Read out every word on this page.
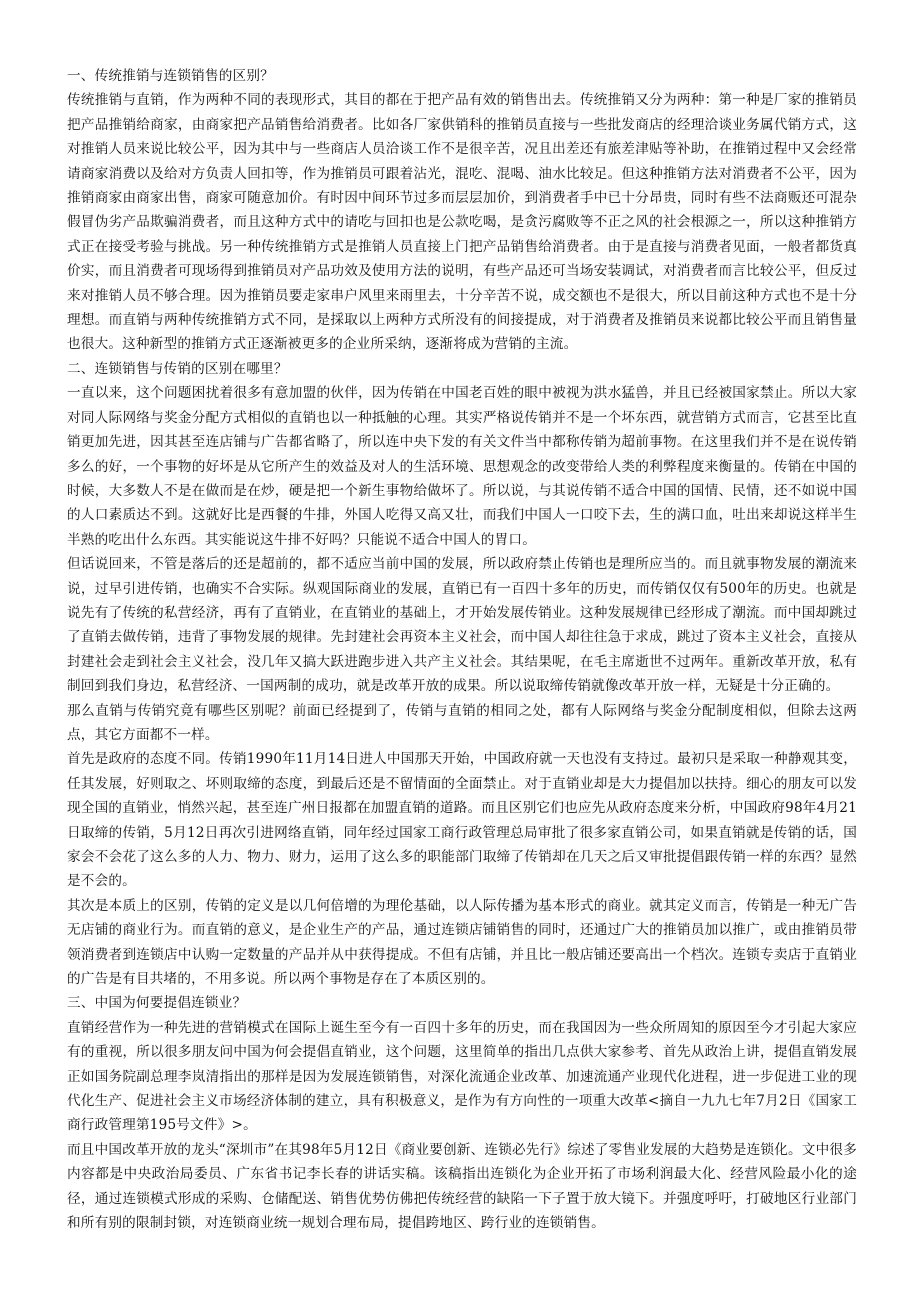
一、传统推销与连锁销售的区别？

传统推销与直销，作为两种不同的表现形式，其目的都在于把产品有效的销售出去。传统推销又分为两种：第一种是厂家的推销员把产品推销给商家，由商家把产品销售给消费者。比如各厂家供销科的推销员直接与一些批发商店的经理洽谈业务属代销方式，这对推销人员来说比较公平，因为其中与一些商店人员洽谈工作不是很辛苦，况且出差还有旅差津贴等补助，在推销过程中又会经常请商家消费以及给对方负责人回扣等，作为推销员可跟着沾光，混吃、混喝、油水比较足。但这种推销方法对消费者不公平，因为推销商家由商家出售，商家可随意加价。有时因中间环节过多而层层加价，到消费者手中已十分昂贵，同时有些不法商贩还可混杂假冒伪劣产品欺骗消费者，而且这种方式中的请吃与回扣也是公款吃喝，是贪污腐败等不正之风的社会根源之一，所以这种推销方式正在接受考验与挑战。另一种传统推销方式是推销人员直接上门把产品销售给消费者。由于是直接与消费者见面，一般者都货真价实，而且消费者可现场得到推销员对产品功效及使用方法的说明，有些产品还可当场安装调试，对消费者而言比较公平，但反过来对推销人员不够合理。因为推销员要走家串户风里来雨里去，十分辛苦不说，成交额也不是很大，所以目前这种方式也不是十分理想。而直销与两种传统推销方式不同，是採取以上两种方式所没有的间接提成，对于消费者及推销员来说都比较公平而且销售量也很大。这种新型的推销方式正逐渐被更多的企业所采纳，逐渐将成为营销的主流。

二、连锁销售与传销的区别在哪里？

一直以来，这个问题困扰着很多有意加盟的伙伴，因为传销在中国老百姓的眼中被视为洪水猛兽，并且已经被国家禁止。所以大家对同人际网络与奖金分配方式相似的直销也以一种抵触的心理。其实严格说传销并不是一个坏东西，就营销方式而言，它甚至比直销更加先进，因其甚至连店铺与广告都省略了，所以连中央下发的有关文件当中都称传销为超前事物。在这里我们并不是在说传销多么的好，一个事物的好坏是从它所产生的效益及对人的生活环境、思想观念的改变带给人类的利弊程度来衡量的。传销在中国的时候，大多数人不是在做而是在炒，硬是把一个新生事物给做坏了。所以说，与其说传销不适合中国的国情、民情，还不如说中国的人口素质达不到。这就好比是西餐的牛排，外国人吃得又高又壮，而我们中国人一口咬下去，生的满口血，吐出来却说这样半生半熟的吃出什么东西。其实能说这牛排不好吗？只能说不适合中国人的胃口。

但话说回来，不管是落后的还是超前的，都不适应当前中国的发展，所以政府禁止传销也是理所应当的。而且就事物发展的潮流来说，过早引进传销，也确实不合实际。纵观国际商业的发展，直销已有一百四十多年的历史，而传销仅仅有500年的历史。也就是说先有了传统的私营经济，再有了直销业，在直销业的基础上，才开始发展传销业。这种发展规律已经形成了潮流。而中国却跳过了直销去做传销，违背了事物发展的规律。先封建社会再资本主义社会，而中国人却往往急于求成，跳过了资本主义社会，直接从封建社会走到社会主义社会，没几年又搞大跃进跑步进入共产主义社会。其结果呢，在毛主席逝世不过两年。重新改革开放，私有制回到我们身边，私营经济、一国两制的成功，就是改革开放的成果。所以说取缔传销就像改革开放一样，无疑是十分正确的。

那么直销与传销究竟有哪些区别呢？前面已经提到了，传销与直销的相同之处，都有人际网络与奖金分配制度相似，但除去这两点，其它方面都不一样。

首先是政府的态度不同。传销1990年11月14日进人中国那天开始，中国政府就一天也没有支持过。最初只是采取一种静观其变，任其发展，好则取之、坏则取缔的态度，到最后还是不留情面的全面禁止。对于直销业却是大力提倡加以扶持。细心的朋友可以发现全国的直销业，悄然兴起，甚至连广州日报都在加盟直销的道路。而且区别它们也应先从政府态度来分析，中国政府98年4月21日取缔的传销，5月12日再次引进网络直销，同年经过国家工商行政管理总局审批了很多家直销公司，如果直销就是传销的话，国家会不会花了这么多的人力、物力、财力，运用了这么多的职能部门取缔了传销却在几天之后又审批提倡跟传销一样的东西？显然是不会的。

其次是本质上的区别，传销的定义是以几何倍增的为理伦基础，以人际传播为基本形式的商业。就其定义而言，传销是一种无广告无店铺的商业行为。而直销的意义，是企业生产的产品，通过连锁店铺销售的同时，还通过广大的推销员加以推广，或由推销员带领消费者到连锁店中认购一定数量的产品并从中获得提成。不但有店铺，并且比一般店铺还要高出一个档次。连锁专卖店于直销业的广告是有目共堵的，不用多说。所以两个事物是存在了本质区别的。

三、中国为何要提倡连锁业？

直销经营作为一种先进的营销模式在国际上诞生至今有一百四十多年的历史，而在我国因为一些众所周知的原因至今才引起大家应有的重视，所以很多朋友问中国为何会提倡直销业，这个问题，这里简单的指出几点供大家参考、首先从政治上讲，提倡直销发展正如国务院副总理李岚清指出的那样是因为发展连锁销售，对深化流通企业改革、加速流通产业现代化进程，进一步促进工业的现代化生产、促进社会主义市场经济体制的建立，具有积极意义，是作为有方向性的一项重大改革<摘自一九九七年7月2日《国家工商行政管理第195号文件》>。

而且中国改革开放的龙头“深圳市”在其98年5月12日《商业要创新、连锁必先行》综述了零售业发展的大趋势是连锁化。文中很多内容都是中央政治局委员、广东省书记李长春的讲话实稿。该稿指出连锁化为企业开拓了市场利润最大化、经营风险最小化的途径，通过连锁模式形成的采购、仓储配送、销售优势仿佛把传统经营的缺陷一下子置于放大镜下。并强度呼吁，打破地区行业部门和所有别的限制封锁，对连锁商业统一规划合理布局，提倡跨地区、跨行业的连锁销售。
